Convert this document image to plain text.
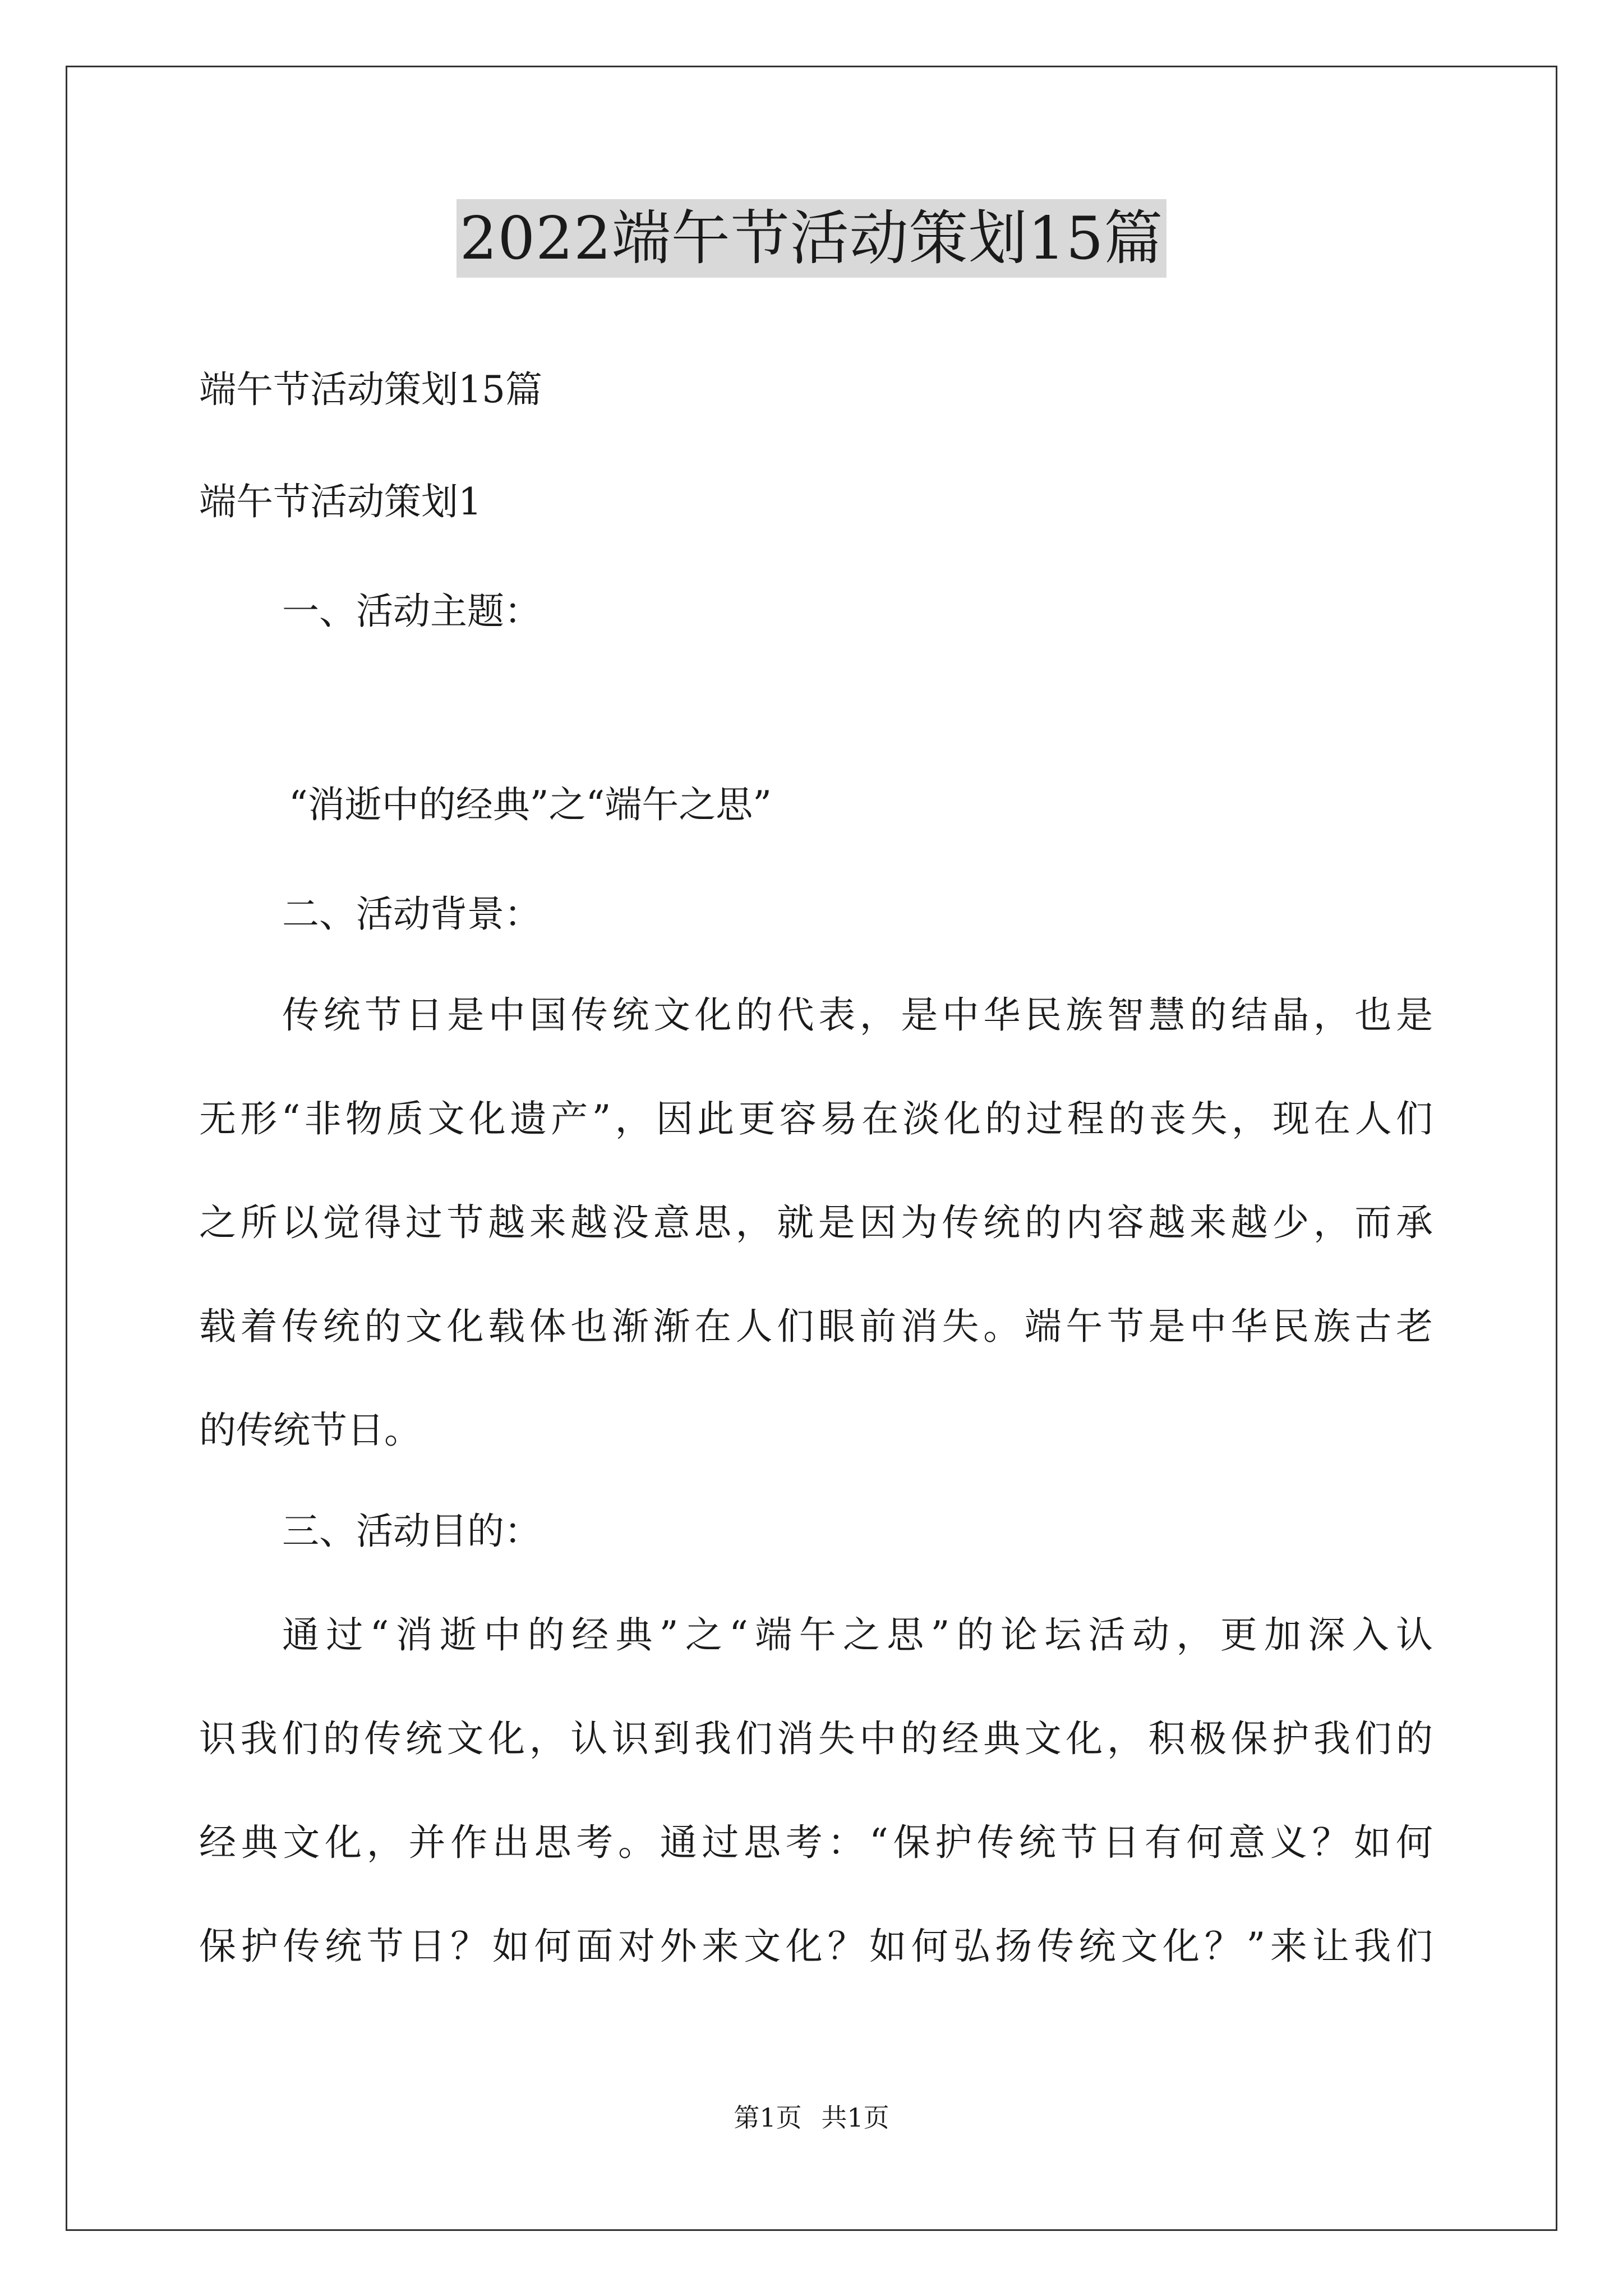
2022端午节活动策划15篇
端午节活动策划15篇
端午节活动策划1
一、活动主题：
“消逝中的经典”之“端午之思”
二、活动背景：
传统节日是中国传统文化的代表，是中华民族智慧的结晶，也是
无形“非物质文化遗产”，因此更容易在淡化的过程的丧失，现在人们
之所以觉得过节越来越没意思，就是因为传统的内容越来越少，而承
载着传统的文化载体也渐渐在人们眼前消失。端午节是中华民族古老
的传统节日。
三、活动目的：
通过“消逝中的经典”之“端午之思”的论坛活动，更加深入认
识我们的传统文化，认识到我们消失中的经典文化，积极保护我们的
经典文化，并作出思考。通过思考：“保护传统节日有何意义？如何
保护传统节日？如何面对外来文化？如何弘扬传统文化？”来让我们
第1页 共1页
